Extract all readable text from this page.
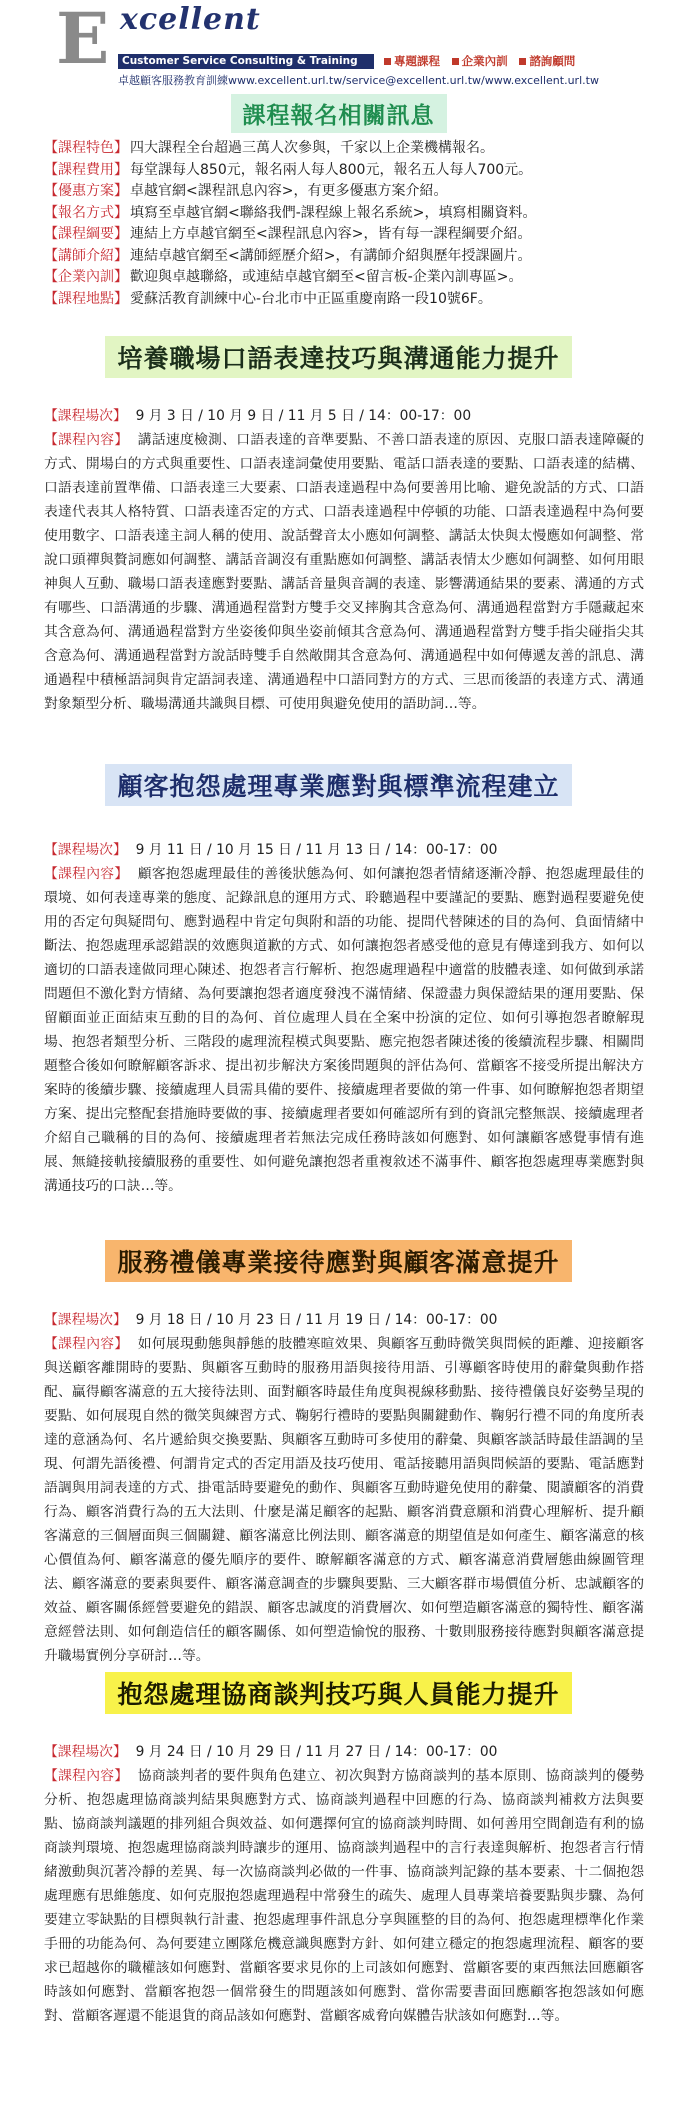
E xcellent
Customer Service Consulting & Training	專題課程 企業內訓 諮詢顧問
卓越顧客服務教育訓練www.excellent.url.tw/service@excellent.url.tw/www.excellent.url.tw
課程報名相關訊息
【 課程特色 】 四大課程全台超過三萬人次參與，千家以上企業機構報名。
【 課程費用 】 每堂課每人850元，報名兩人每人800元，報名五人每人700元。
【 優惠方案 】 卓越官網<課程訊息內容>，有更多優惠方案介紹。
【 報名方式 】 填寫至卓越官網<聯絡我們-課程線上報名系統>，填寫相關資料。
【 課程綱要 】 連結上方卓越官網至<課程訊息內容>，皆有每一課程綱要介紹。
【 講師介紹 】 連結卓越官網至<講師經歷介紹>，有講師介紹與歷年授課圖片。
【 企業內訓 】 歡迎與卓越聯絡，或連結卓越官網至<留言板-企業內訓專區>。
【 課程地點 】 愛蘇活教育訓練中心-台北市中正區重慶南路一段10號6F。
培養職場口語表達技巧與溝通能力提升
【 課程場次 】 9 月 3 日 / 10 月 9 日 / 11 月 5 日 / 14：00-17：00
【 課程內容 】 講話速度檢測、口語表達的音準要點、不善口語表達的原因、克服口語表達障礙的方式、開場白的方式與重要性、口語表達詞彙使用要點、電話口語表達的要點、口語表達的結構、口語表達前置準備、口語表達三大要素、口語表達過程中為何要善用比喻、避免說話的方式、口語表達代表其人格特質、口語表達否定的方式、口語表達過程中停頓的功能、口語表達過程中為何要使用數字、口語表達主詞人稱的使用、說話聲音太小應如何調整、講話太快與太慢應如何調整、常說口頭禪與贅詞應如何調整、講話音調沒有重點應如何調整、講話表情太少應如何調整、如何用眼神與人互動、職場口語表達應對要點、講話音量與音調的表達、影響溝通結果的要素、溝通的方式有哪些、口語溝通的步驟、溝通過程當對方雙手交叉摔胸其含意為何、溝通過程當對方手隱藏起來其含意為何、溝通過程當對方坐姿後仰與坐姿前傾其含意為何、溝通過程當對方雙手指尖碰指尖其含意為何、溝通過程當對方說話時雙手自然敞開其含意為何、溝通過程中如何傳遞友善的訊息、溝通過程中積極語詞與肯定語詞表達、溝通過程中口語同對方的方式、三思而後語的表達方式、溝通對象類型分析、職場溝通共識與目標、可使用與避免使用的語助詞…等。
顧客抱怨處理專業應對與標準流程建立
【 課程場次 】 9 月 11 日 / 10 月 15 日 / 11 月 13 日 / 14：00-17：00
【 課程內容 】 顧客抱怨處理最佳的善後狀態為何、如何讓抱怨者情緒逐漸冷靜、抱怨處理最佳的環境、如何表達專業的態度、記錄訊息的運用方式、聆聽過程中要謹記的要點、應對過程要避免使用的否定句與疑問句、應對過程中肯定句與附和語的功能、提問代替陳述的目的為何、負面情緒中斷法、抱怨處理承認錯誤的效應與道歉的方式、如何讓抱怨者感受他的意見有傳達到我方、如何以適切的口語表達做同理心陳述、抱怨者言行解析、抱怨處理過程中適當的肢體表達、如何做到承諾問題但不激化對方情緒、為何要讓抱怨者適度發洩不滿情緒、保證盡力與保證結果的運用要點、保留顧面並正面結束互動的目的為何、首位處理人員在全案中扮演的定位、如何引導抱怨者瞭解現場、抱怨者類型分析、三階段的處理流程模式與要點、應完抱怨者陳述後的後續流程步驟、相關問題整合後如何瞭解顧客訴求、提出初步解決方案後問題與的評估為何、當顧客不接受所提出解決方案時的後續步驟、接續處理人員需具備的要件、接續處理者要做的第一件事、如何瞭解抱怨者期望方案、提出完整配套措施時要做的事、接續處理者要如何確認所有到的資訊完整無誤、接續處理者介紹自己職稱的目的為何、接續處理者若無法完成任務時該如何應對、如何讓顧客感覺事情有進展、無縫接軌接續服務的重要性、如何避免讓抱怨者重複敘述不滿事件、顧客抱怨處理專業應對與溝通技巧的口訣…等。
服務禮儀專業接待應對與顧客滿意提升
【 課程場次 】 9 月 18 日 / 10 月 23 日 / 11 月 19 日 / 14：00-17：00
【 課程內容 】 如何展現動態與靜態的肢體寒暄效果、與顧客互動時微笑與問候的距離、迎接顧客與送顧客離開時的要點、與顧客互動時的服務用語與接待用語、引導顧客時使用的辭彙與動作搭配、贏得顧客滿意的五大接待法則、面對顧客時最佳角度與視線移動點、接待禮儀良好姿勢呈現的要點、如何展現自然的微笑與練習方式、鞠躬行禮時的要點與關鍵動作、鞠躬行禮不同的角度所表達的意涵為何、名片遞給與交換要點、與顧客互動時可多使用的辭彙、與顧客談話時最佳語調的呈現、何謂先語後禮、何謂肯定式的否定用語及技巧使用、電話接聽用語與問候語的要點、電話應對語調與用詞表達的方式、掛電話時要避免的動作、與顧客互動時避免使用的辭彙、閱讀顧客的消費行為、顧客消費行為的五大法則、什麼是滿足顧客的起點、顧客消費意願和消費心理解析、提升顧客滿意的三個層面與三個關鍵、顧客滿意比例法則、顧客滿意的期望值是如何產生、顧客滿意的核心價值為何、顧客滿意的優先順序的要件、瞭解顧客滿意的方式、顧客滿意消費層態曲線圖管理法、顧客滿意的要素與要件、顧客滿意調查的步驟與要點、三大顧客群市場價值分析、忠誠顧客的效益、顧客關係經營要避免的錯誤、顧客忠誠度的消費層次、如何塑造顧客滿意的獨特性、顧客滿意經營法則、如何創造信任的顧客關係、如何塑造愉悅的服務、十數則服務接待應對與顧客滿意提升職場實例分享研討…等。
抱怨處理協商談判技巧與人員能力提升
【 課程場次 】 9 月 24 日 / 10 月 29 日 / 11 月 27 日 / 14：00-17：00
【 課程內容 】 協商談判者的要件與角色建立、初次與對方協商談判的基本原則、協商談判的優勢分析、抱怨處理協商談判結果與應對方式、協商談判過程中回應的行為、協商談判補救方法與要點、協商談判議題的排列組合與效益、如何選擇何宜的協商談判時間、如何善用空間創造有利的協商談判環境、抱怨處理協商談判時讓步的運用、協商談判過程中的言行表達與解析、抱怨者言行情緒激動與沉著冷靜的差異、每一次協商談判必做的一件事、協商談判記錄的基本要素、十二個抱怨處理應有思維態度、如何克服抱怨處理過程中常發生的疏失、處理人員專業培養要點與步驟、為何要建立零缺點的目標與執行計畫、抱怨處理事件訊息分享與匯整的目的為何、抱怨處理標準化作業手冊的功能為何、為何要建立團隊危機意識與應對方針、如何建立穩定的抱怨處理流程、顧客的要求已超越你的職權該如何應對、當顧客要求見你的上司該如何應對、當顧客要的東西無法回應顧客時該如何應對、當顧客抱怨一個常發生的問題該如何應對、當你需要書面回應顧客抱怨該如何應對、當顧客遲還不能退貨的商品該如何應對、當顧客威脅向媒體告狀該如何應對…等。
